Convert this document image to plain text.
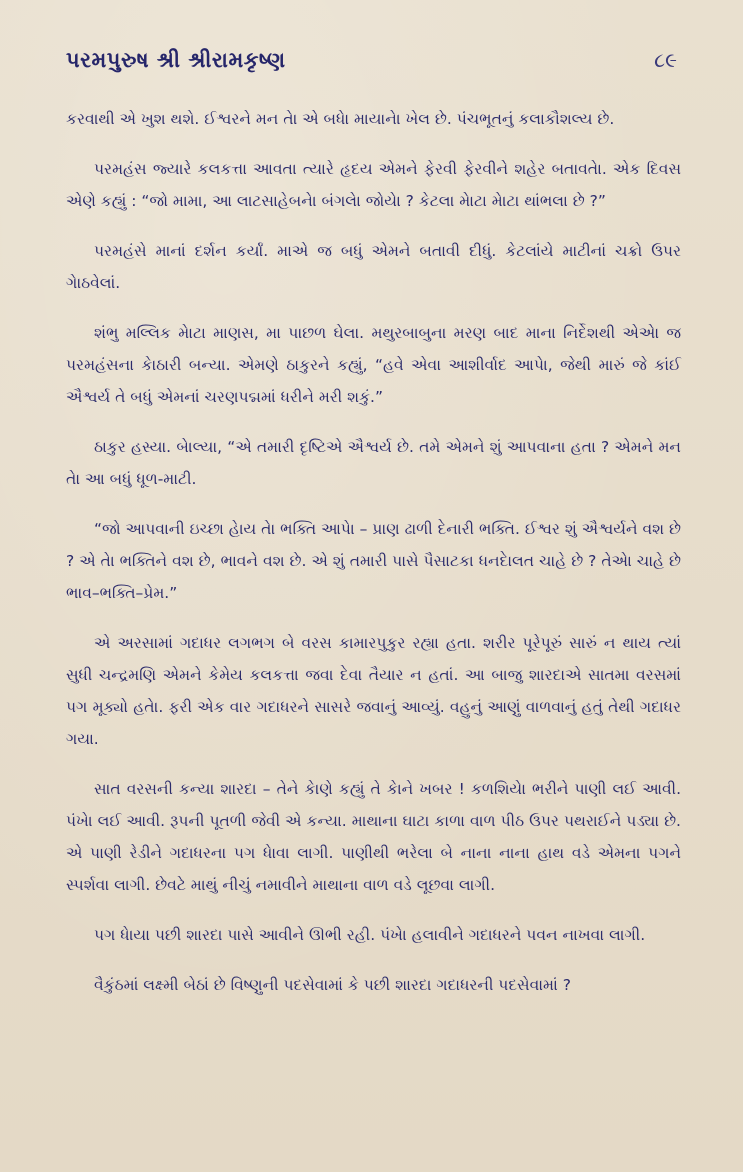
પરમપુરુષ શ્રી શ્રીરામકૃષ્ણ	૮૯

કરવાથી એ ખુશ થશે. ઈશ્વરને મન તેા એ બધેા માયાનેા ખેલ છે. પંચભૂતનું કલાકૌશલ્ય છે.

પરમહંસ જ્યારે કલકત્તા આવતા ત્યારે હૃદય એમને ફેરવી ફેરવીને શહેર બતાવતેા. એક દિવસ એણે કહ્યું : “જો મામા, આ લાટસાહેબનેા બંગલેા જોયેા ? કેટલા મેાટા મેાટા થાંભલા છે ?”

પરમહંસે માનાં દર્શન કર્યાં. માએ જ બધું એમને બતાવી દીધું. કેટલાંયે માટીનાં ચક્રો ઉપર ગેાઠવેલાં.

શંભુ મલ્લિક મેાટા માણસ, મા પાછળ ઘેલા. મથુરબાબુના મરણ બાદ માના નિર્દેશથી એએા જ પરમહંસના કેાઠારી બન્યા. એમણે ઠાકુરને કહ્યું, “હવે એવા આશીર્વાદ આપેા, જેથી મારું જે કાંઈ ઐશ્વર્ય તે બધું એમનાં ચરણપદ્મમાં ધરીને મરી શકું.”

ઠાકુર હસ્યા. બેાલ્યા, “એ તમારી દૃષ્ટિએ ઐશ્વર્ય છે. તમે એમને શું આપવાના હતા ? એમને મન તેા આ બધું ધૂળ-માટી.

“જો આપવાની ઇચ્છા હેાય તેા ભક્તિ આપેા – પ્રાણ ઢાળી દેનારી ભક્તિ. ઈશ્વર શું ઐશ્વર્યને વશ છે ? એ તેા ભક્તિને વશ છે, ભાવને વશ છે. એ શું તમારી પાસે પૈસાટકા ધનદેાલત ચાહે છે ? તેએા ચાહે છે ભાવ–ભક્તિ–પ્રેમ.”

એ અરસામાં ગદાધર લગભગ બે વરસ કામારપુકુર રહ્યા હતા. શરીર પૂરેપૂરું સારું ન થાય ત્યાં સુધી ચન્દ્રમણિ એમને કેમેય કલકત્તા જવા દેવા તૈયાર ન હતાં. આ બાજુ શારદાએ સાતમા વરસમાં પગ મૂક્યો હતેા. ફરી એક વાર ગદાધરને સાસરે જવાનું આવ્યું. વહુનું આણું વાળવાનું હતું તેથી ગદાધર ગયા.

સાત વરસની કન્યા શારદા – તેને કેાણે કહ્યું તે કેાને ખબર ! કળશિયેા ભરીને પાણી લઈ આવી. પંખેા લઈ આવી. રૂપની પૂતળી જેવી એ કન્યા. માથાના ઘાટા કાળા વાળ પીઠ ઉપર પથરાઈને પડ્યા છે. એ પાણી રેડીને ગદાધરના પગ ધેાવા લાગી. પાણીથી ભરેલા બે નાના નાના હાથ વડે એમના પગને સ્પર્શવા લાગી. છેવટે માથું નીચું નમાવીને માથાના વાળ વડે લૂછવા લાગી.

પગ ધેાયા પછી શારદા પાસે આવીને ઊભી રહી. પંખેા હલાવીને ગદાધરને પવન નાખવા લાગી.

વૈકુંઠમાં લક્ષ્મી બેઠાં છે વિષ્ણુની પદસેવામાં કે પછી શારદા ગદાધરની પદસેવામાં ?
